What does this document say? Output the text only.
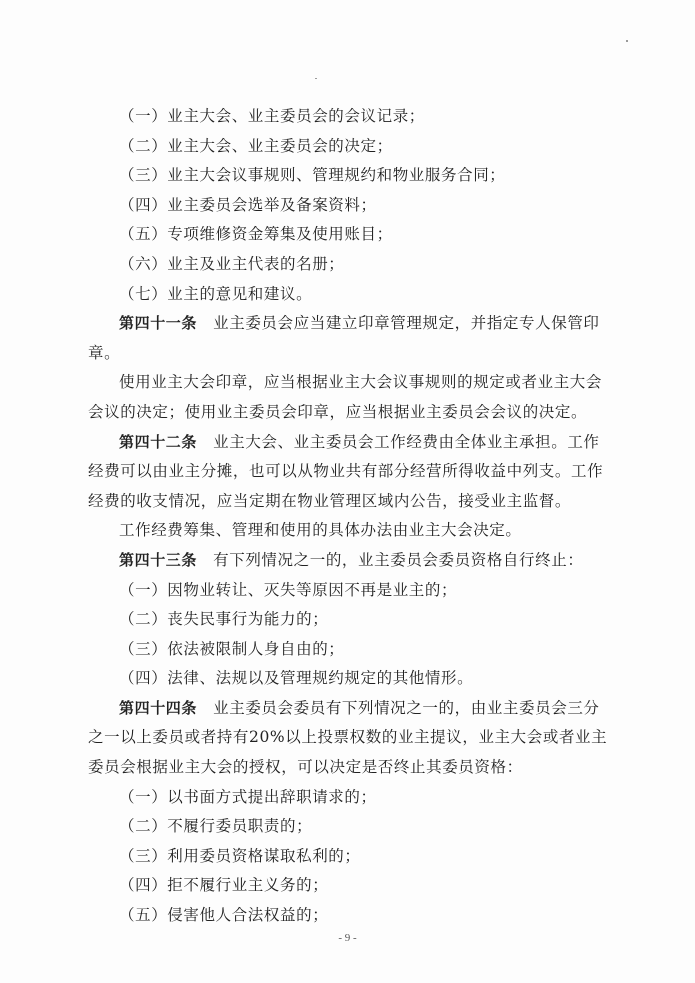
（一）业主大会、业主委员会的会议记录；
（二）业主大会、业主委员会的决定；
（三）业主大会议事规则、管理规约和物业服务合同；
（四）业主委员会选举及备案资料；
（五）专项维修资金筹集及使用账目；
（六）业主及业主代表的名册；
（七）业主的意见和建议。
第四十一条　业主委员会应当建立印章管理规定，并指定专人保管印
章。
使用业主大会印章，应当根据业主大会议事规则的规定或者业主大会
会议的决定；使用业主委员会印章，应当根据业主委员会会议的决定。
第四十二条　业主大会、业主委员会工作经费由全体业主承担。工作
经费可以由业主分摊，也可以从物业共有部分经营所得收益中列支。工作
经费的收支情况，应当定期在物业管理区域内公告，接受业主监督。
工作经费筹集、管理和使用的具体办法由业主大会决定。
第四十三条　有下列情况之一的，业主委员会委员资格自行终止：
（一）因物业转让、灭失等原因不再是业主的；
（二）丧失民事行为能力的；
（三）依法被限制人身自由的；
（四）法律、法规以及管理规约规定的其他情形。
第四十四条　业主委员会委员有下列情况之一的，由业主委员会三分
之一以上委员或者持有20%以上投票权数的业主提议，业主大会或者业主
委员会根据业主大会的授权，可以决定是否终止其委员资格：
（一）以书面方式提出辞职请求的；
（二）不履行委员职责的；
（三）利用委员资格谋取私利的；
（四）拒不履行业主义务的；
（五）侵害他人合法权益的；
- 9 -
